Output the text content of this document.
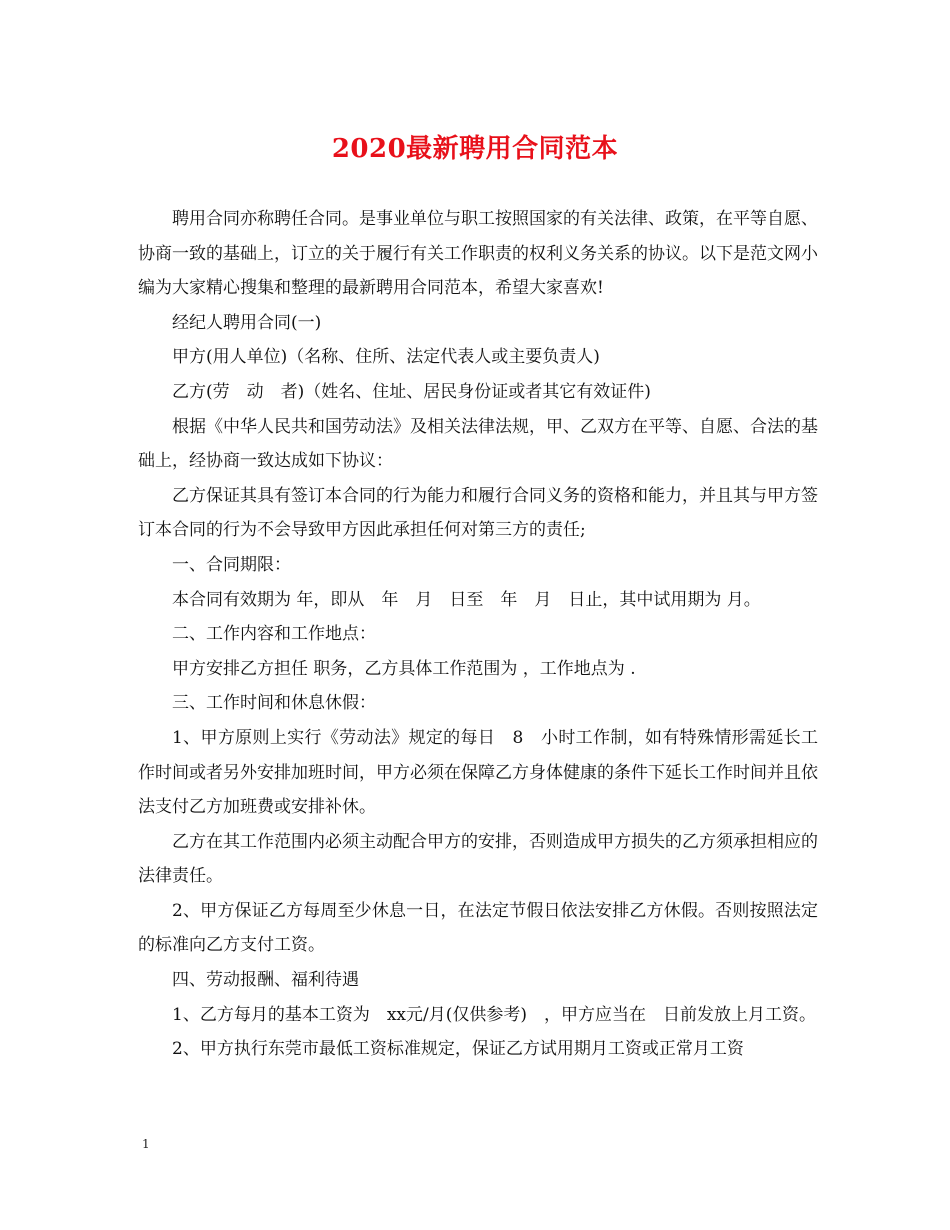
2020最新聘用合同范本

聘用合同亦称聘任合同。是事业单位与职工按照国家的有关法律、政策，在平等自愿、协商一致的基础上，订立的关于履行有关工作职责的权利义务关系的协议。以下是范文网小编为大家精心搜集和整理的最新聘用合同范本，希望大家喜欢!

经纪人聘用合同(一)

甲方(用人单位)（名称、住所、法定代表人或主要负责人)

乙方(劳　动　者)（姓名、住址、居民身份证或者其它有效证件)

根据《中华人民共和国劳动法》及相关法律法规，甲、乙双方在平等、自愿、合法的基础上，经协商一致达成如下协议：

乙方保证其具有签订本合同的行为能力和履行合同义务的资格和能力，并且其与甲方签订本合同的行为不会导致甲方因此承担任何对第三方的责任;

一、合同期限：

本合同有效期为 年，即从　年　月　日至　年　月　日止，其中试用期为 月。

二、工作内容和工作地点：

甲方安排乙方担任 职务，乙方具体工作范围为 ，工作地点为 .

三、工作时间和休息休假：

1、甲方原则上实行《劳动法》规定的每日　8　小时工作制，如有特殊情形需延长工作时间或者另外安排加班时间，甲方必须在保障乙方身体健康的条件下延长工作时间并且依法支付乙方加班费或安排补休。

乙方在其工作范围内必须主动配合甲方的安排，否则造成甲方损失的乙方须承担相应的法律责任。

2、甲方保证乙方每周至少休息一日，在法定节假日依法安排乙方休假。否则按照法定的标准向乙方支付工资。

四、劳动报酬、福利待遇

1、乙方每月的基本工资为　xx元/月(仅供参考)　，甲方应当在　日前发放上月工资。

2、甲方执行东莞市最低工资标准规定，保证乙方试用期月工资或正常月工资

1
